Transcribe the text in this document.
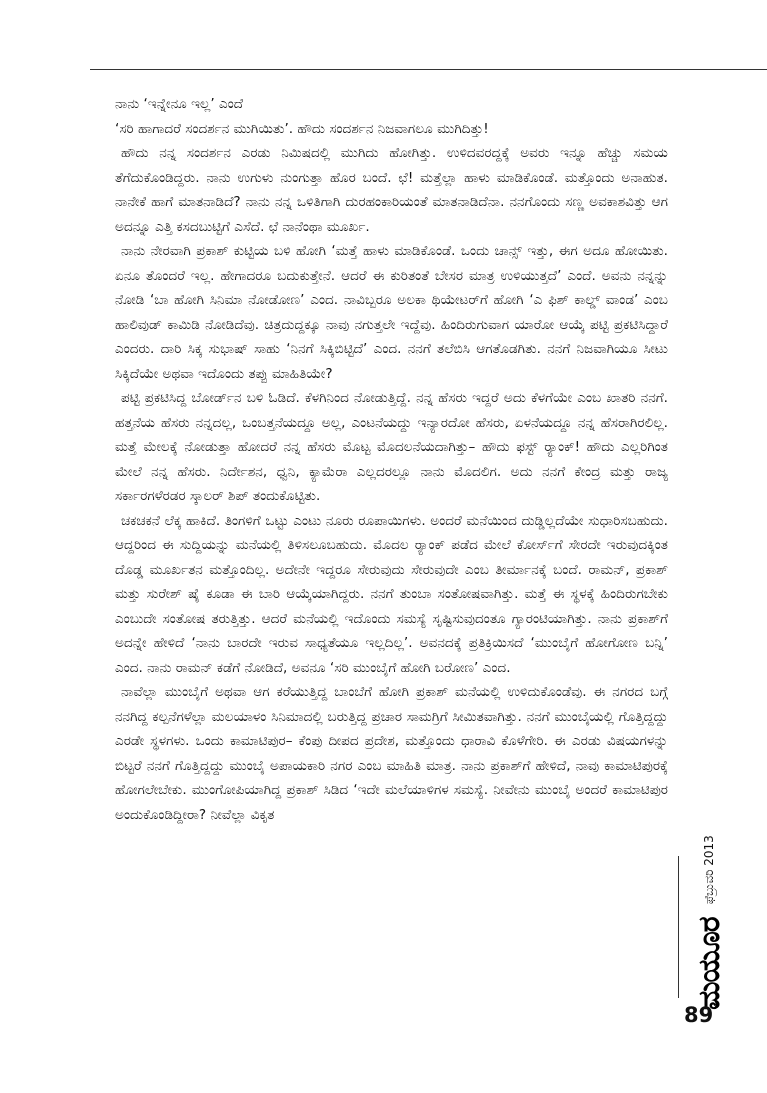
ನಾನು ‘ಇನ್ನೇನೂ ಇಲ್ಲ’ ಎಂದೆ

‘ಸರಿ ಹಾಗಾದರೆ ಸಂದರ್ಶನ ಮುಗಿಯಿತು’. ಹೌದು ಸಂದರ್ಶನ ನಿಜವಾಗಲೂ ಮುಗಿದಿತ್ತು!

ಹೌದು ನನ್ನ ಸಂದರ್ಶನ ಎರಡು ನಿಮಿಷದಲ್ಲಿ ಮುಗಿದು ಹೋಗಿತ್ತು. ಉಳಿದವರದ್ದಕ್ಕೆ ಅವರು ಇನ್ನೂ ಹೆಚ್ಚು ಸಮಯ ತೆಗೆದುಕೊಂಡಿದ್ದರು. ನಾನು ಉಗುಳು ನುಂಗುತ್ತಾ ಹೊರ ಬಂದೆ. ಛೆ! ಮತ್ತೆಲ್ಲಾ ಹಾಳು ಮಾಡಿಕೊಂಡೆ. ಮತ್ತೊಂದು ಅನಾಹುತ. ನಾನೇಕೆ ಹಾಗೆ ಮಾತನಾಡಿದೆ? ನಾನು ನನ್ನ ಒಳಿತಿಗಾಗಿ ದುರಹಂಕಾರಿಯಂತೆ ಮಾತನಾಡಿದೆನಾ. ನನಗೊಂದು ಸಣ್ಣ ಅವಕಾಶವಿತ್ತು ಆಗ ಅದನ್ನೂ ಎತ್ತಿ ಕಸದಬುಟ್ಟಿಗೆ ಎಸೆದೆ. ಛೆ ನಾನೆಂಥಾ ಮೂರ್ಖ.

ನಾನು ನೇರವಾಗಿ ಪ್ರಕಾಶ್ ಕುಟ್ಟಿಯ ಬಳಿ ಹೋಗಿ ‘ಮತ್ತೆ ಹಾಳು ಮಾಡಿಕೊಂಡೆ. ಒಂದು ಚಾನ್ಸ್ ಇತ್ತು, ಈಗ ಅದೂ ಹೋಯಿತು. ಏನೂ ತೊಂದರೆ ಇಲ್ಲ. ಹೇಗಾದರೂ ಬದುಕುತ್ತೇನೆ. ಆದರೆ ಈ ಕುರಿತಂತೆ ಬೇಸರ ಮಾತ್ರ ಉಳಿಯುತ್ತದೆ’ ಎಂದೆ. ಅವನು ನನ್ನನ್ನು ನೋಡಿ ‘ಬಾ ಹೋಗಿ ಸಿನಿಮಾ ನೋಡೋಣ’ ಎಂದ. ನಾವಿಬ್ಬರೂ ಅಲಕಾ ಥಿಯೇಟರ್‌ಗೆ ಹೋಗಿ ‘ಎ ಫಿಶ್ ಕಾಲ್ಡ್ ವಾಂಡ’ ಎಂಬ ಹಾಲಿವುಡ್ ಕಾಮಿಡಿ ನೋಡಿದೆವು. ಚಿತ್ರದುದ್ದಕ್ಕೂ ನಾವು ನಗುತ್ತಲೇ ಇದ್ದೆವು. ಹಿಂದಿರುಗುವಾಗ ಯಾರೋ ಆಯ್ಕೆ ಪಟ್ಟಿ ಪ್ರಕಟಿಸಿದ್ದಾರೆ ಎಂದರು. ದಾರಿ ಸಿಕ್ಕ ಸುಭಾಷ್ ಸಾಹು ‘ನಿನಗೆ ಸಿಕ್ಕಿಬಿಟ್ಟಿದೆ’ ಎಂದ. ನನಗೆ ತಲೆಬಿಸಿ ಆಗತೊಡಗಿತು. ನನಗೆ ನಿಜವಾಗಿಯೂ ಸೀಟು ಸಿಕ್ಕಿದೆಯೇ ಅಥವಾ ಇದೊಂದು ತಪ್ಪು ಮಾಹಿತಿಯೇ?

ಪಟ್ಟಿ ಪ್ರಕಟಿಸಿದ್ದ ಬೋರ್ಡ್‌ನ ಬಳಿ ಓಡಿದೆ. ಕೆಳಗಿನಿಂದ ನೋಡುತ್ತಿದ್ದೆ. ನನ್ನ ಹೆಸರು ಇದ್ದರೆ ಅದು ಕೆಳಗೆಯೇ ಎಂಬ ಖಾತರಿ ನನಗೆ. ಹತ್ತನೆಯ ಹೆಸರು ನನ್ನದಲ್ಲ, ಒಂಬತ್ತನೆಯದ್ದೂ ಅಲ್ಲ, ಎಂಟನೆಯದ್ದು ಇನ್ಯಾರದೋ ಹೆಸರು, ಏಳನೆಯದ್ದೂ ನನ್ನ ಹೆಸರಾಗಿರಲಿಲ್ಲ. ಮತ್ತೆ ಮೇಲಕ್ಕೆ ನೋಡುತ್ತಾ ಹೋದರೆ ನನ್ನ ಹೆಸರು ಮೊಟ್ಟ ಮೊದಲನೆಯದಾಗಿತ್ತು– ಹೌದು ಫಸ್ಟ್ ರ‍್ಯಾಂಕ್! ಹೌದು ಎಲ್ಲರಿಗಿಂತ ಮೇಲೆ ನನ್ನ ಹೆಸರು. ನಿರ್ದೇಶನ, ಧ್ವನಿ, ಕ್ಯಾಮೆರಾ ಎಲ್ಲದರಲ್ಲೂ ನಾನು ಮೊದಲಿಗ. ಅದು ನನಗೆ ಕೇಂದ್ರ ಮತ್ತು ರಾಜ್ಯ ಸರ್ಕಾರಗಳೆರಡರ ಸ್ಕಾಲರ್ ಶಿಪ್ ತಂದುಕೊಟ್ಟಿತು.

ಚಕಚಕನೆ ಲೆಕ್ಕ ಹಾಕಿದೆ. ತಿಂಗಳಿಗೆ ಒಟ್ಟು ಎಂಟು ನೂರು ರೂಪಾಯಿಗಳು. ಅಂದರೆ ಮನೆಯಿಂದ ದುಡ್ಡಿಲ್ಲದೆಯೇ ಸುಧಾರಿಸಬಹುದು. ಆದ್ದರಿಂದ ಈ ಸುದ್ದಿಯನ್ನು ಮನೆಯಲ್ಲಿ ತಿಳಿಸಲೂಬಹುದು. ಮೊದಲ ರ‍್ಯಾಂಕ್ ಪಡೆದ ಮೇಲೆ ಕೋರ್ಸ್‌ಗೆ ಸೇರದೇ ಇರುವುದಕ್ಕಿಂತ ದೊಡ್ಡ ಮೂರ್ಖತನ ಮತ್ತೊಂದಿಲ್ಲ. ಅದೇನೇ ಇದ್ದರೂ ಸೇರುವುದು ಸೇರುವುದೇ ಎಂಬ ತೀರ್ಮಾನಕ್ಕೆ ಬಂದೆ. ರಾಮನ್, ಪ್ರಕಾಶ್ ಮತ್ತು ಸುರೇಶ್ ಷೈ ಕೂಡಾ ಈ ಬಾರಿ ಆಯ್ಕೆಯಾಗಿದ್ದರು. ನನಗೆ ತುಂಬಾ ಸಂತೋಷವಾಗಿತ್ತು. ಮತ್ತೆ ಈ ಸ್ಥಳಕ್ಕೆ ಹಿಂದಿರುಗಬೇಕು ಎಂಬುದೇ ಸಂತೋಷ ತರುತ್ತಿತ್ತು. ಆದರೆ ಮನೆಯಲ್ಲಿ ಇದೊಂದು ಸಮಸ್ಯೆ ಸೃಷ್ಟಿಸುವುದಂತೂ ಗ್ಯಾರಂಟಿಯಾಗಿತ್ತು. ನಾನು ಪ್ರಕಾಶ್‌ಗೆ ಅದನ್ನೇ ಹೇಳಿದೆ ‘ನಾನು ಬಾರದೇ ಇರುವ ಸಾಧ್ಯತೆಯೂ ಇಲ್ಲದಿಲ್ಲ’. ಅವನದಕ್ಕೆ ಪ್ರತಿಕ್ರಿಯಿಸದೆ ‘ಮುಂಬೈಗೆ ಹೋಗೋಣ ಬನ್ನಿ’ ಎಂದ. ನಾನು ರಾಮನ್ ಕಡೆಗೆ ನೋಡಿದೆ, ಅವನೂ ‘ಸರಿ ಮುಂಬೈಗೆ ಹೋಗಿ ಬರೋಣ’ ಎಂದ.

ನಾವೆಲ್ಲಾ ಮುಂಬೈಗೆ ಅಥವಾ ಆಗ ಕರೆಯುತ್ತಿದ್ದ ಬಾಂಬೆಗೆ ಹೋಗಿ ಪ್ರಕಾಶ್ ಮನೆಯಲ್ಲಿ ಉಳಿದುಕೊಂಡೆವು. ಈ ನಗರದ ಬಗ್ಗೆ ನನಗಿದ್ದ ಕಲ್ಪನೆಗಳೆಲ್ಲಾ ಮಲಯಾಳಂ ಸಿನಿಮಾದಲ್ಲಿ ಬರುತ್ತಿದ್ದ ಪ್ರಚಾರ ಸಾಮಗ್ರಿಗೆ ಸೀಮಿತವಾಗಿತ್ತು. ನನಗೆ ಮುಂಬೈಯಲ್ಲಿ ಗೊತ್ತಿದ್ದದ್ದು ಎರಡೇ ಸ್ಥಳಗಳು. ಒಂದು ಕಾಮಾಟಿಪುರ– ಕೆಂಪು ದೀಪದ ಪ್ರದೇಶ, ಮತ್ತೊಂದು ಧಾರಾವಿ ಕೊಳೆಗೇರಿ. ಈ ಎರಡು ವಿಷಯಗಳನ್ನು ಬಿಟ್ಟರೆ ನನಗೆ ಗೊತ್ತಿದ್ದದ್ದು ಮುಂಬೈ ಅಪಾಯಕಾರಿ ನಗರ ಎಂಬ ಮಾಹಿತಿ ಮಾತ್ರ. ನಾನು ಪ್ರಕಾಶ್‌ಗೆ ಹೇಳಿದೆ, ನಾವು ಕಾಮಾಟಿಪುರಕ್ಕೆ ಹೋಗಲೇಬೇಕು. ಮುಂಗೋಪಿಯಾಗಿದ್ದ ಪ್ರಕಾಶ್ ಸಿಡಿದ ‘ಇದೇ ಮಲೆಯಾಳಿಗಳ ಸಮಸ್ಯೆ. ನೀವೇನು ಮುಂಬೈ ಅಂದರೆ ಕಾಮಾಟಿಪುರ ಅಂದುಕೊಂಡಿದ್ದೀರಾ? ನೀವೆಲ್ಲಾ ವಿಕೃತ

ಮಯೂರ ಫೆಬ್ರುವರಿ 2013
89
